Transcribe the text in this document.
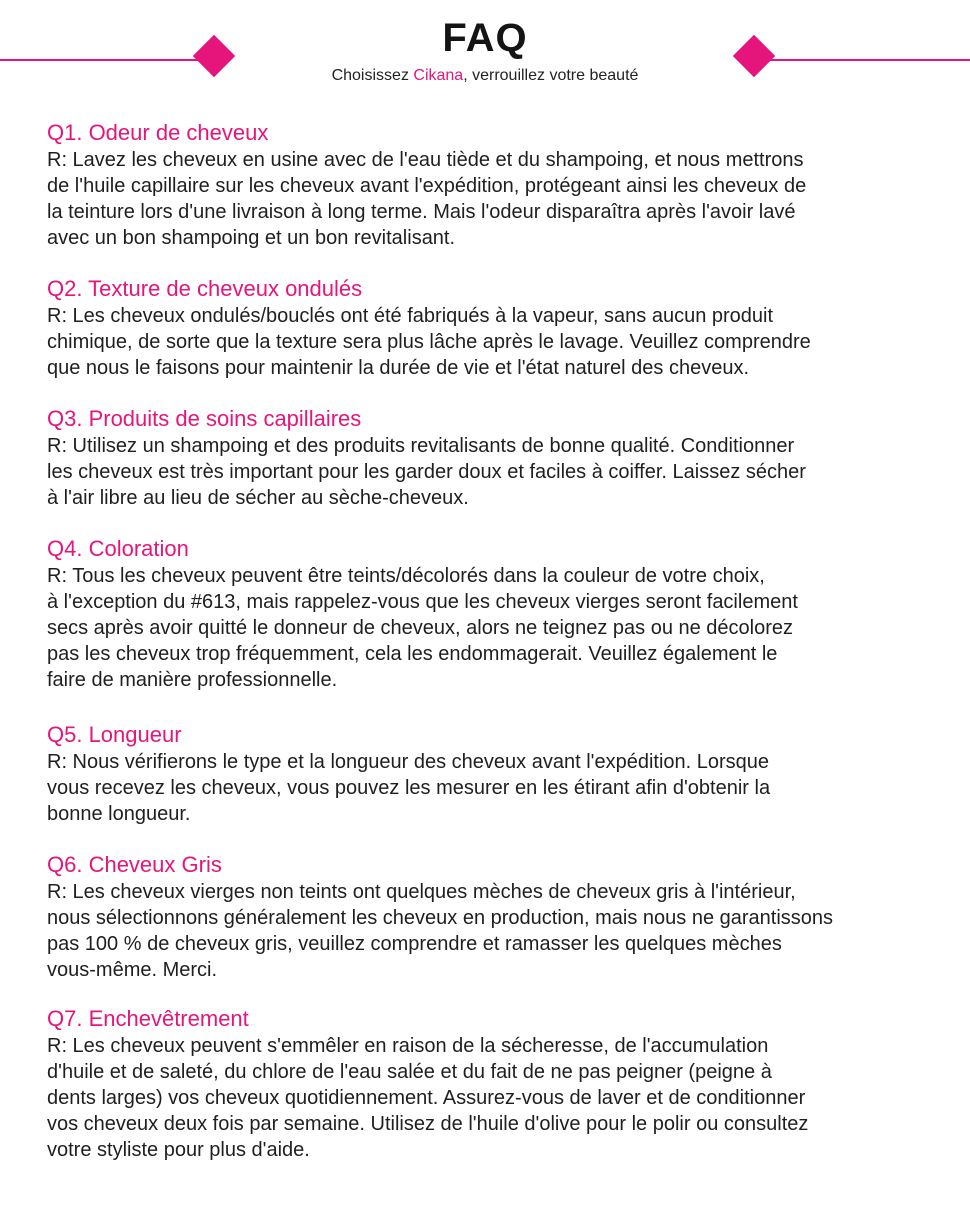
FAQ
Choisissez Cikana, verrouillez votre beauté
Q1. Odeur de cheveux

R: Lavez les cheveux en usine avec de l'eau tiède et du shampoing, et nous mettrons
de l'huile capillaire sur les cheveux avant l'expédition, protégeant ainsi les cheveux de
la teinture lors d'une livraison à long terme. Mais l'odeur disparaîtra après l'avoir lavé
avec un bon shampoing et un bon revitalisant.

Q2. Texture de cheveux ondulés

R: Les cheveux ondulés/bouclés ont été fabriqués à la vapeur, sans aucun produit
chimique, de sorte que la texture sera plus lâche après le lavage. Veuillez comprendre
que nous le faisons pour maintenir la durée de vie et l'état naturel des cheveux.

Q3. Produits de soins capillaires

R: Utilisez un shampoing et des produits revitalisants de bonne qualité. Conditionner
les cheveux est très important pour les garder doux et faciles à coiffer. Laissez sécher
à l'air libre au lieu de sécher au sèche-cheveux.

Q4. Coloration

R: Tous les cheveux peuvent être teints/décolorés dans la couleur de votre choix,
à l'exception du #613, mais rappelez-vous que les cheveux vierges seront facilement
secs après avoir quitté le donneur de cheveux, alors ne teignez pas ou ne décolorez
pas les cheveux trop fréquemment, cela les endommagerait. Veuillez également le
faire de manière professionnelle.

Q5. Longueur

R: Nous vérifierons le type et la longueur des cheveux avant l'expédition. Lorsque
vous recevez les cheveux, vous pouvez les mesurer en les étirant afin d'obtenir la
bonne longueur.

Q6. Cheveux Gris

R: Les cheveux vierges non teints ont quelques mèches de cheveux gris à l'intérieur,
nous sélectionnons généralement les cheveux en production, mais nous ne garantissons
pas 100 % de cheveux gris, veuillez comprendre et ramasser les quelques mèches
vous-même. Merci.

Q7. Enchevêtrement

R: Les cheveux peuvent s'emmêler en raison de la sécheresse, de l'accumulation
d'huile et de saleté, du chlore de l'eau salée et du fait de ne pas peigner (peigne à
dents larges) vos cheveux quotidiennement. Assurez-vous de laver et de conditionner
vos cheveux deux fois par semaine. Utilisez de l'huile d'olive pour le polir ou consultez
votre styliste pour plus d'aide.
